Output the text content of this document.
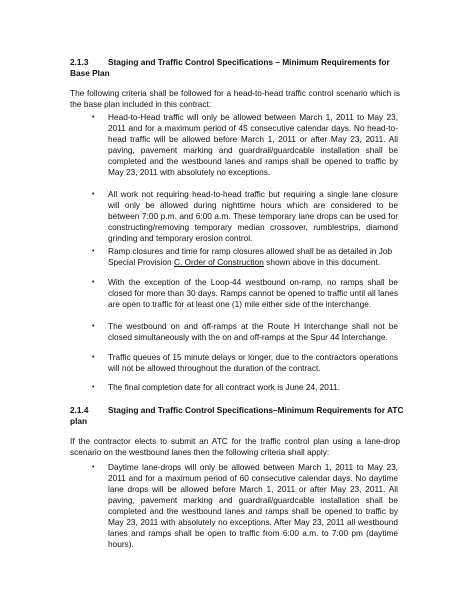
2.1.3 Staging and Traffic Control Specifications – Minimum Requirements for
Base Plan

The following criteria shall be followed for a head-to-head traffic control scenario which is the base plan included in this contract:

• Head-to-Head traffic will only be allowed between March 1, 2011 to May 23, 2011 and for a maximum period of 45 consecutive calendar days. No head-to-head traffic will be allowed before March 1, 2011 or after May 23, 2011. All paving, pavement marking and guardrail/guardcable installation shall be completed and the westbound lanes and ramps shall be opened to traffic by May 23, 2011 with absolutely no exceptions.

• All work not requiring head-to-head traffic but requiring a single lane closure will only be allowed during nighttime hours which are considered to be between 7:00 p.m. and 6:00 a.m. These temporary lane drops can be used for constructing/removing temporary median crossover, rumblestrips, diamond grinding and temporary erosion control.

• Ramp closures and time for ramp closures allowed shall be as detailed in Job Special Provision C. Order of Construction shown above in this document.

• With the exception of the Loop-44 westbound on-ramp, no ramps shall be closed for more than 30 days. Ramps cannot be opened to traffic until all lanes are open to traffic for at least one (1) mile either side of the interchange.

• The westbound on and off-ramps at the Route H Interchange shall not be closed simultaneously with the on and off-ramps at the Spur 44 Interchange.

• Traffic queues of 15 minute delays or longer, due to the contractors operations will not be allowed throughout the duration of the contract.

• The final completion date for all contract work is June 24, 2011.

2.1.4 Staging and Traffic Control Specifications–Minimum Requirements for ATC
plan

If the contractor elects to submit an ATC for the traffic control plan using a lane-drop scenario on the westbound lanes then the following criteria shall apply:

• Daytime lane-drops will only be allowed between March 1, 2011 to May 23, 2011 and for a maximum period of 60 consecutive calendar days. No daytime lane drops will be allowed before March 1, 2011 or after May 23, 2011. All paving, pavement marking and guardrail/guardcable installation shall be completed and the westbound lanes and ramps shall be opened to traffic by May 23, 2011 with absolutely no exceptions. After May 23, 2011 all westbound lanes and ramps shall be open to traffic from 6:00 a.m. to 7:00 pm (daytime hours).
